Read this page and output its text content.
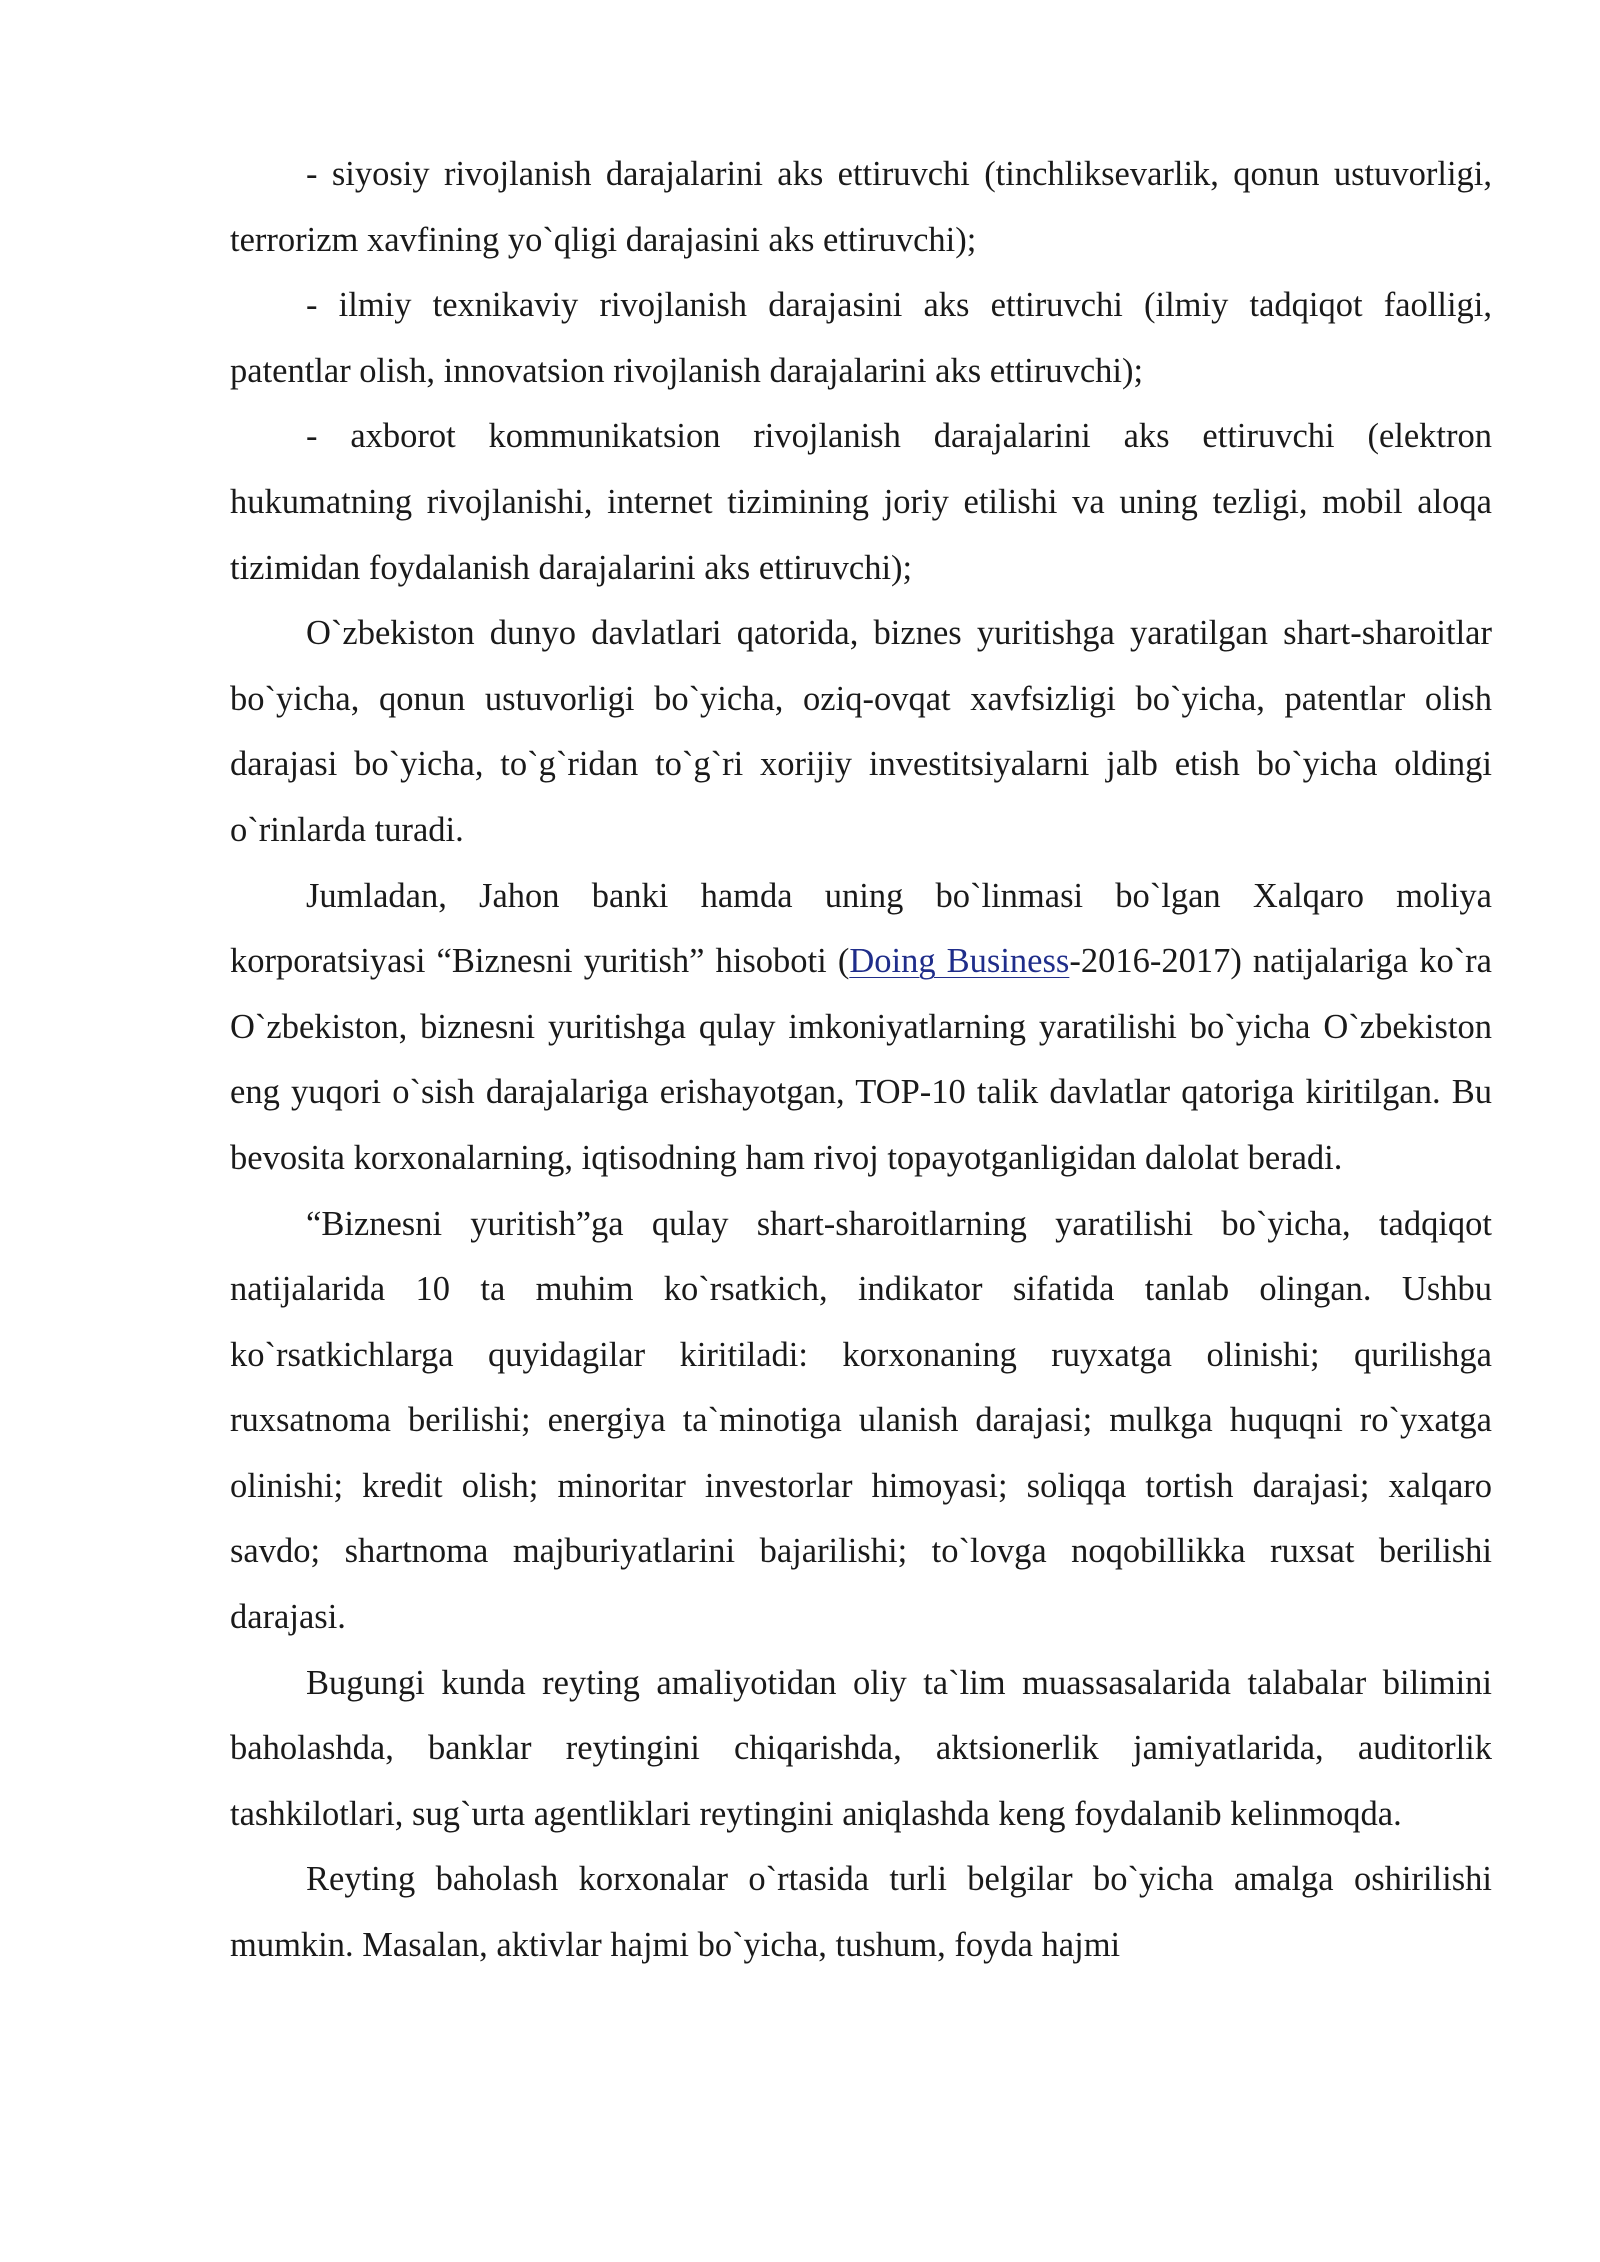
- siyosiy rivojlanish darajalarini aks ettiruvchi (tinchliksevarlik, qonun ustuvorligi, terrorizm xavfining yo`qligi darajasini aks ettiruvchi);

- ilmiy texnikaviy rivojlanish darajasini aks ettiruvchi (ilmiy tadqiqot faolligi, patentlar olish, innovatsion rivojlanish darajalarini aks ettiruvchi);

- axborot kommunikatsion rivojlanish darajalarini aks ettiruvchi (elektron hukumatning rivojlanishi, internet tizimining joriy etilishi va uning tezligi, mobil aloqa tizimidan foydalanish darajalarini aks ettiruvchi);

O`zbekiston dunyo davlatlari qatorida, biznes yuritishga yaratilgan shart-sharoitlar bo`yicha, qonun ustuvorligi bo`yicha, oziq-ovqat xavfsizligi bo`yicha, patentlar olish darajasi bo`yicha, to`g`ridan to`g`ri xorijiy investitsiyalarni jalb etish bo`yicha oldingi o`rinlarda turadi.

Jumladan, Jahon banki hamda uning bo`linmasi bo`lgan Xalqaro moliya korporatsiyasi “Biznesni yuritish” hisoboti (Doing Business-2016-2017) natijalariga ko`ra O`zbekiston, biznesni yuritishga qulay imkoniyatlarning yaratilishi bo`yicha O`zbekiston eng yuqori o`sish darajalariga erishayotgan, TOP-10 talik davlatlar qatoriga kiritilgan. Bu bevosita korxonalarning, iqtisodning ham rivoj topayotganligidan dalolat beradi.

“Biznesni yuritish”ga qulay shart-sharoitlarning yaratilishi bo`yicha, tadqiqot natijalarida 10 ta muhim ko`rsatkich, indikator sifatida tanlab olingan. Ushbu ko`rsatkichlarga quyidagilar kiritiladi: korxonaning ruyxatga olinishi; qurilishga ruxsatnoma berilishi; energiya ta`minotiga ulanish darajasi; mulkga huquqni ro`yxatga olinishi; kredit olish; minoritar investorlar himoyasi; soliqqa tortish darajasi; xalqaro savdo; shartnoma majburiyatlarini bajarilishi; to`lovga noqobillikka ruxsat berilishi darajasi.

Bugungi kunda reyting amaliyotidan oliy ta`lim muassasalarida talabalar bilimini baholashda, banklar reytingini chiqarishda, aktsionerlik jamiyatlarida, auditorlik tashkilotlari, sug`urta agentliklari reytingini aniqlashda keng foydalanib kelinmoqda.

Reyting baholash korxonalar o`rtasida turli belgilar bo`yicha amalga oshirilishi mumkin. Masalan, aktivlar hajmi bo`yicha, tushum, foyda hajmi
